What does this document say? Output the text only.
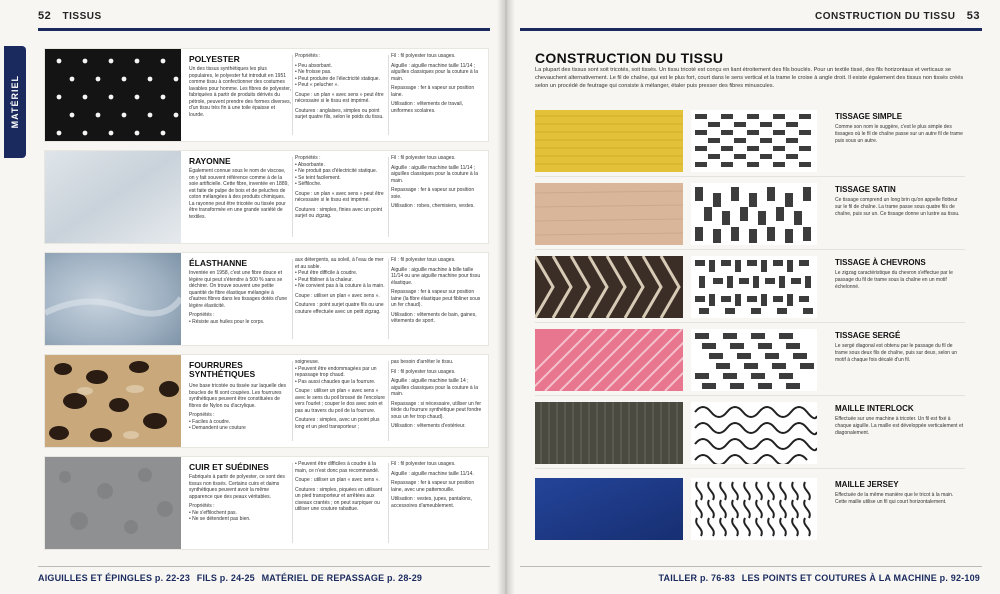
52 TISSUS
MATÉRIEL
POLYESTER

Un des tissus synthétiques les plus populaires, le polyester fut introduit en 1951 comme tissu à confectionner des costumes lavables pour homme. Les fibres de polyester, fabriquées à partir de produits dérivés du pétrole, peuvent prendre des formes diverses, d'un tissu très fin à une toile épaisse et lourde.

Propriétés :

• Peu absorbant.

• Ne froisse pas.

• Peut produire de l'électricité statique.

• Peut « pelucher ».

Coupe : un plan « avec sens » peut être nécessaire si le tissu est imprimé.

Coutures : anglaises, simples ou point surjet quatre fils, selon le poids du tissu.

Fil : fil polyester tous usages.

Aiguille : aiguille machine taille 11/14 ; aiguilles classiques pour la couture à la main.

Repassage : fer à vapeur sur position laine.

Utilisation : vêtements de travail, uniformes scolaires.

RAYONNE

Également connue sous le nom de viscose, on y fait souvent référence comme à de la soie artificielle. Cette fibre, inventée en 1889, est faite de pulpe de bois et de peluches de coton mélangées à des produits chimiques. La rayonne peut être tricotée ou tissée pour être transformée en une grande variété de textiles.

Propriétés :

• Absorbante.

• Ne produit pas d'électricité statique.

• Se teint facilement.

• Sèffiloche.

Coupe : un plan « avec sens » peut être nécessaire si le tissu est imprimé.

Coutures : simples, finies avec un point surjet ou zigzag.

Fil : fil polyester tous usages.

Aiguille : aiguille machine taille 11/14 ; aiguilles classiques pour la couture à la main.

Repassage : fer à vapeur sur position soie.

Utilisation : robes, chemisiers, vestes.

ÉLASTHANNE

Inventée en 1958, c'est une fibre douce et légère qui peut s'étendre à 500 % sans se déchirer. On trouve souvent une petite quantité de fibre élastique mélangée à d'autres fibres dans les tissages dotés d'une légère élasticité.

Propriétés :

• Résiste aux huiles pour le corps.

aux détergents, au soleil, à l'eau de mer et au sable.

• Peut être difficile à coudre.

• Peut fibliner à la chaleur.

• Ne convient pas à la couture à la main.

Coupe : utiliser un plan « avec sens ».

Coutures : point surjet quatre fils ou une couture effectuée avec un petit zigzag.

Fil : fil polyester tous usages.

Aiguille : aiguille machine à bille taille 11/14 ou une aiguille machine pour tissu élastique.

Repassage : fer à vapeur sur position laine (la fibre élastique peut fibliner sous un fer chaud).

Utilisation : vêtements de bain, gaines, vêtements de sport.

FOURRURES SYNTHÉTIQUES

Une base tricotée ou tissée sur laquelle des boucles de fil sont coupées. Les fourrures synthétiques peuvent être constituées de fibres de Nylon ou d'acrylique.

Propriétés :

• Faciles à coudre.

• Demandent une couture

soigneuse.

• Peuvent être endommagées par un repassage trop chaud.

• Pas aussi chaudes que la fourrure.

Coupe : utiliser un plan « avec sens » avec le sens du poil brossé de l'encolure vers l'ourlet ; couper le dos avec soin et pas au travers du poil de la fourrure.

Coutures : simples, avec un point plus long et un pied transporteur ;

pas besoin d'arrêter le tissu.

Fil : fil polyester tous usages.

Aiguille : aiguille machine taille 14 ; aiguilles classiques pour la couture à la main.

Repassage : si nécessaire, utiliser un fer tiède du fourrure synthétique peut fondre sous un fer trop chaud).

Utilisation : vêtements d'extérieur.

CUIR ET SUÉDINES

Fabriqués à partir de polyester, ce sont des tissus non tissés. Certains cuirs et daims synthétiques peuvent avoir la même apparence que des peaux véritables.

Propriétés :

• Ne s'effilochent pas.

• Ne se détendent pas bien.

• Peuvent être difficiles à coudre à la main, ce n'est donc pas recommandé.

Coupe : utiliser un plan « avec sens ».

Coutures : simples, piquées en utilisant un pied transporteur et arrêtées aux ciseaux crantés ; on peut surpiquer ou utiliser une couture rabattue.

Fil : fil polyester tous usages.

Aiguille : aiguille machine taille 11/14.

Repassage : fer à vapeur sur position laine, avec une pattemouille.

Utilisation : vestes, jupes, pantalons, accessoires d'ameublement.

AIGUILLES ET ÉPINGLES p. 22-23 FILS p. 24-25 MATÉRIEL DE REPASSAGE p. 28-29
CONSTRUCTION DU TISSU 53
CONSTRUCTION DU TISSU
La plupart des tissus sont soit tricotés, soit tissés. Un tissu tricoté est conçu en liant étroitement des fils bouclés. Pour un textile tissé, des fils horizontaux et verticaux se chevauchent alternativement. Le fil de chaîne, qui est le plus fort, court dans le sens vertical et la trame le croise à angle droit. Il existe également des tissus non tissés créés selon un procédé de feutrage qui consiste à mélanger, étaler puis presser des fibres minuscules.
TISSAGE SIMPLE
Comme son nom le suggère, c'est le plus simple des tissages où le fil de chaîne passe sur un autre fil de trame puis sous un autre.
TISSAGE SATIN
Ce tissage comprend un long brin qu'on appelle flotteur sur le fil de chaîne. La trame passe sous quatre fils de chaîne, puis sur un. Ce tissage donne un lustre au tissu.
TISSAGE À CHEVRONS
Le zigzag caractéristique du chevron s'effectue par le passage du fil de trame sous la chaîne en un motif échelonné.
TISSAGE SERGÉ
Le sergé diagonal est obtenu par le passage du fil de trame sous deux fils de chaîne, puis sur deux, selon un motif à chaque fois décalé d'un fil.
MAILLE INTERLOCK
Effectuée sur une machine à tricoter. Un fil est fixé à chaque aiguille. La maille est développée verticalement et diagonalement.
MAILLE JERSEY
Effectuée de la même manière que le tricot à la main. Cette maille utilise un fil qui court horizontalement.
TAILLER p. 76-83 LES POINTS ET COUTURES À LA MACHINE p. 92-109
